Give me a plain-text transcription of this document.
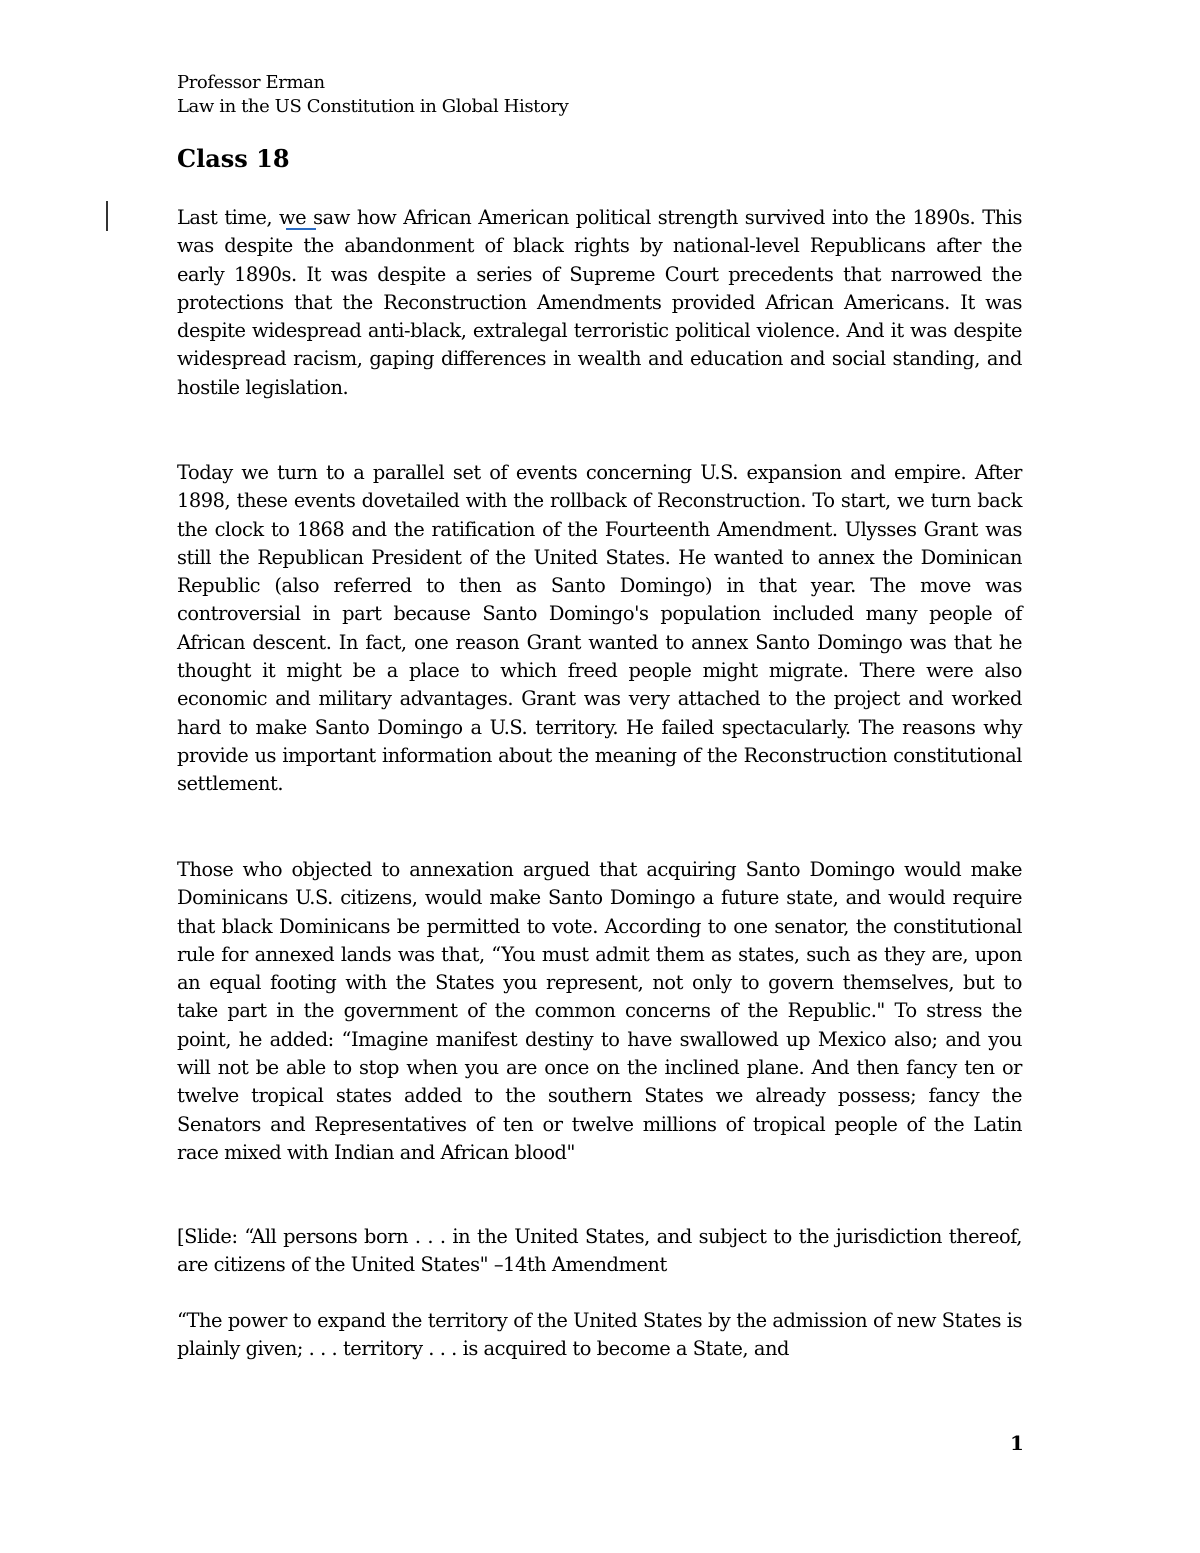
Professor Erman
Law in the US Constitution in Global History
Class 18

Last time, we saw how African American political strength survived into the 1890s. This was despite the abandonment of black rights by national-level Republicans after the early 1890s. It was despite a series of Supreme Court precedents that narrowed the protections that the Reconstruction Amendments provided African Americans. It was despite widespread anti-black, extralegal terroristic political violence. And it was despite widespread racism, gaping differences in wealth and education and social standing, and hostile legislation.

Today we turn to a parallel set of events concerning U.S. expansion and empire. After 1898, these events dovetailed with the rollback of Reconstruction. To start, we turn back the clock to 1868 and the ratification of the Fourteenth Amendment. Ulysses Grant was still the Republican President of the United States. He wanted to annex the Dominican Republic (also referred to then as Santo Domingo) in that year. The move was controversial in part because Santo Domingo's population included many people of African descent. In fact, one reason Grant wanted to annex Santo Domingo was that he thought it might be a place to which freed people might migrate. There were also economic and military advantages. Grant was very attached to the project and worked hard to make Santo Domingo a U.S. territory. He failed spectacularly. The reasons why provide us important information about the meaning of the Reconstruction constitutional settlement.

Those who objected to annexation argued that acquiring Santo Domingo would make Dominicans U.S. citizens, would make Santo Domingo a future state, and would require that black Dominicans be permitted to vote. According to one senator, the constitutional rule for annexed lands was that, “You must admit them as states, such as they are, upon an equal footing with the States you represent, not only to govern themselves, but to take part in the government of the common concerns of the Republic." To stress the point, he added: “Imagine manifest destiny to have swallowed up Mexico also; and you will not be able to stop when you are once on the inclined plane. And then fancy ten or twelve tropical states added to the southern States we already possess; fancy the Senators and Representatives of ten or twelve millions of tropical people of the Latin race mixed with Indian and African blood"

[Slide: “All persons born . . . in the United States, and subject to the jurisdiction thereof, are citizens of the United States" –14th Amendment

“The power to expand the territory of the United States by the admission of new States is plainly given; . . . territory . . . is acquired to become a State, and

1
